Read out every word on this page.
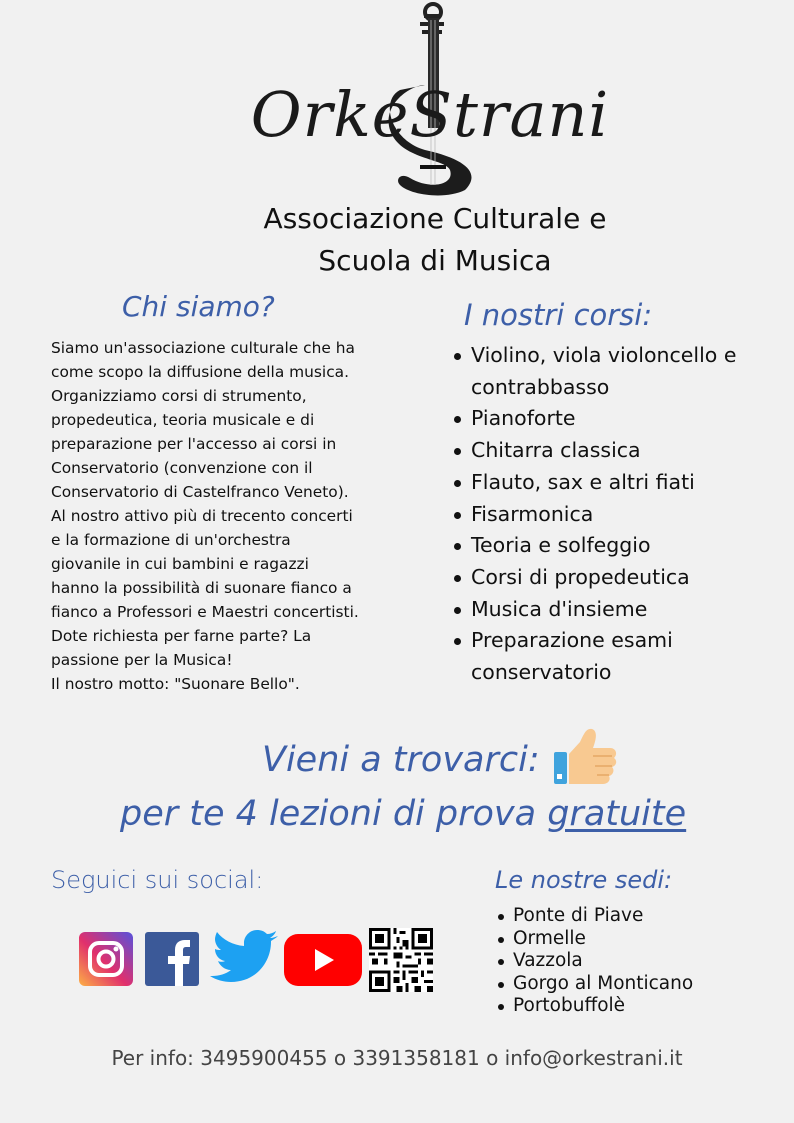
OrkeStrani
Associazione Culturale e
Scuola di Musica
Chi siamo?

Siamo un'associazione culturale che ha

come scopo la diffusione della musica.

Organizziamo corsi di strumento,

propedeutica, teoria musicale e di

preparazione per l'accesso ai corsi in

Conservatorio (convenzione con il

Conservatorio di Castelfranco Veneto).

Al nostro attivo più di trecento concerti

e la formazione di un'orchestra

giovanile in cui bambini e ragazzi

hanno la possibilità di suonare fianco a

fianco a Professori e Maestri concertisti.

Dote richiesta per farne parte? La

passione per la Musica!

Il nostro motto: "Suonare Bello".

I nostri corsi:
Violino, viola violoncello e contrabbasso
Pianoforte
Chitarra classica
Flauto, sax e altri fiati
Fisarmonica
Teoria e solfeggio
Corsi di propedeutica
Musica d'insieme
Preparazione esami conservatorio
Vieni a trovarci:
per te 4 lezioni di prova gratuite
Seguici sui social:	Le nostre sedi:
Ponte di Piave
Ormelle
Vazzola
Gorgo al Monticano
Portobuffolè
Per info: 3495900455 o 3391358181 o info@orkestrani.it
